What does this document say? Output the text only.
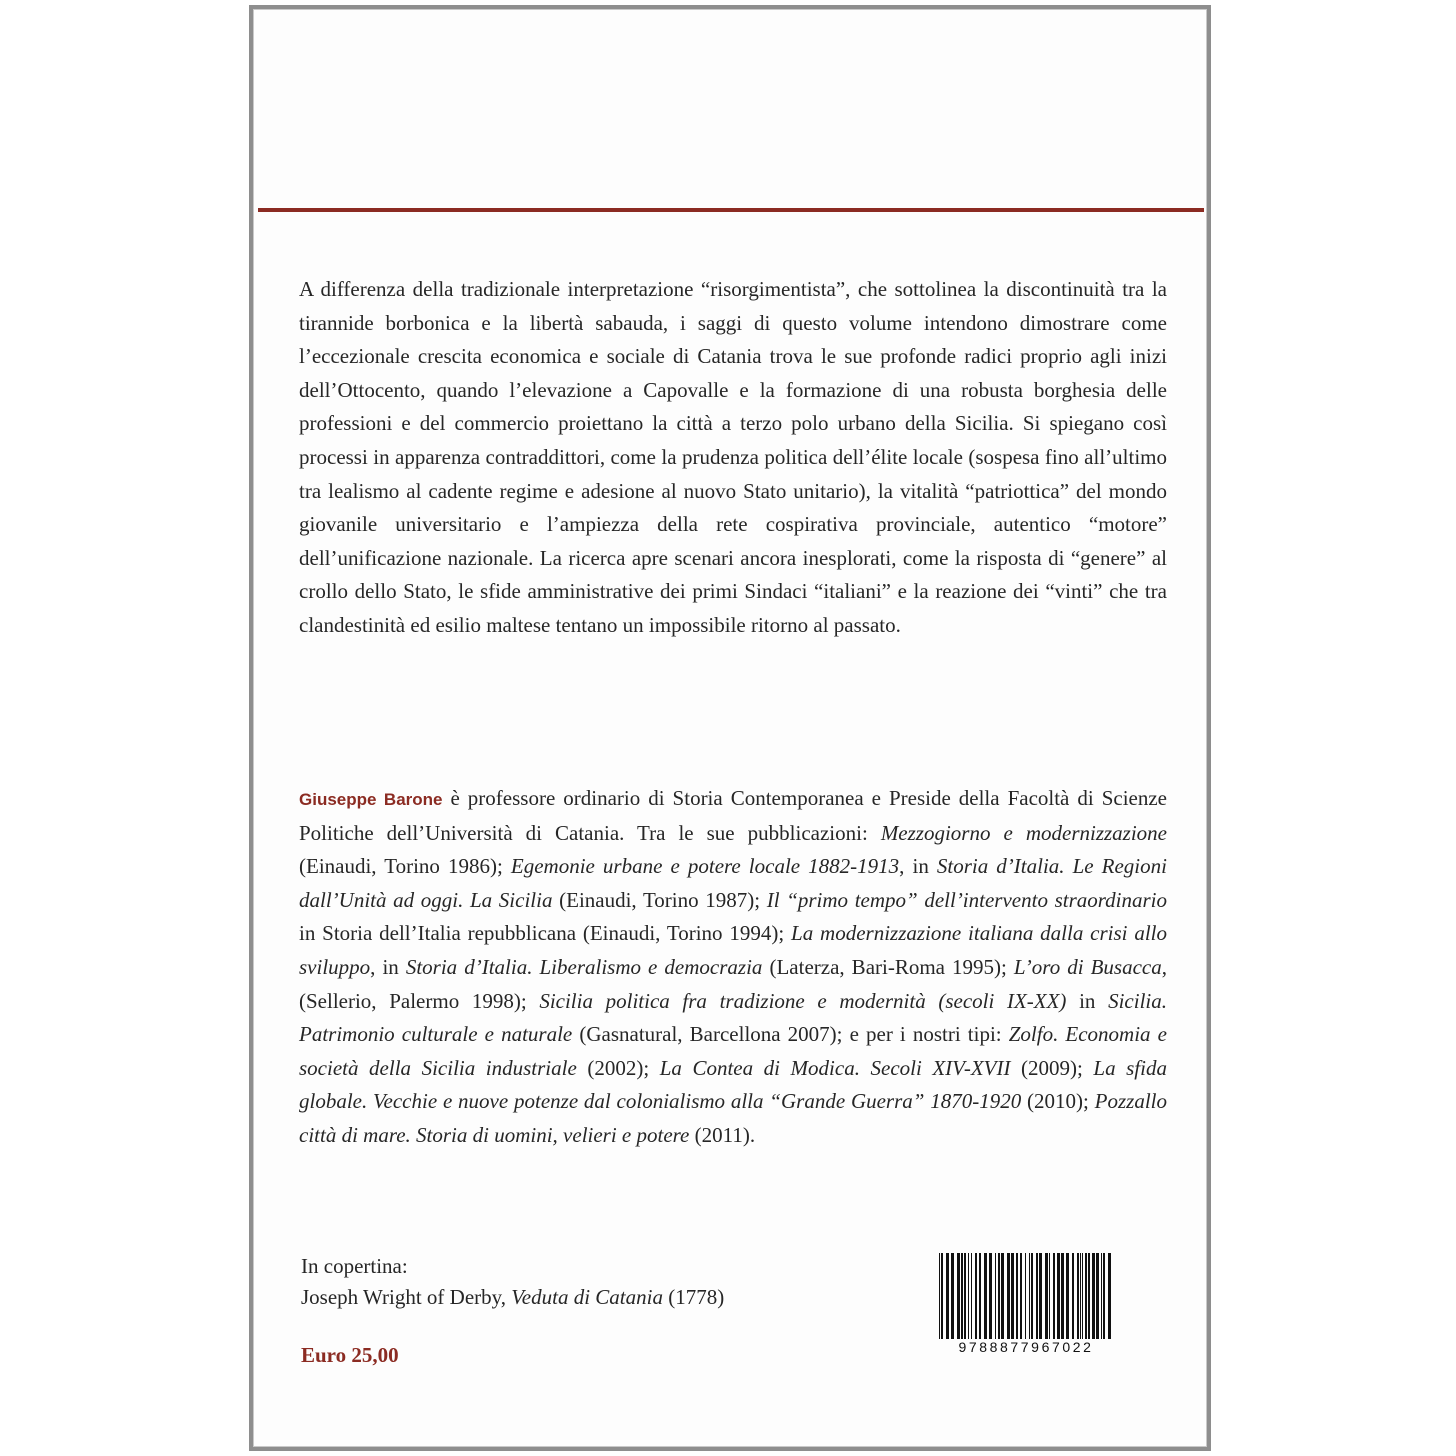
A differenza della tradizionale interpretazione “risorgimentista”, che sottolinea la discontinuità tra la tirannide borbonica e la libertà sabauda, i saggi di questo volume intendono dimostrare come l’eccezionale crescita economica e sociale di Catania trova le sue profonde radici proprio agli inizi dell’Ottocento, quando l’elevazione a Capovalle e la formazione di una robusta borghesia delle professioni e del commercio proiettano la città a terzo polo urbano della Sicilia. Si spiegano così processi in apparenza contraddittori, come la prudenza politica dell’élite locale (sospesa fino all’ultimo tra lealismo al cadente regime e adesione al nuovo Stato unitario), la vitalità “patriottica” del mondo giovanile universitario e l’ampiezza della rete cospirativa provinciale, autentico “motore” dell’unificazione nazionale. La ricerca apre scenari ancora inesplorati, come la risposta di “genere” al crollo dello Stato, le sfide amministrative dei primi Sindaci “italiani” e la reazione dei “vinti” che tra clandestinità ed esilio maltese tentano un impossibile ritorno al passato.

Giuseppe Barone è professore ordinario di Storia Contemporanea e Preside della Facoltà di Scienze Politiche dell’Università di Catania. Tra le sue pubblicazioni: Mezzogiorno e modernizzazione (Einaudi, Torino 1986); Egemonie urbane e potere locale 1882-1913, in Storia d’Italia. Le Regioni dall’Unità ad oggi. La Sicilia (Einaudi, Torino 1987); Il “primo tempo” dell’intervento straordinario in Storia dell’Italia repubblicana (Einaudi, Torino 1994); La modernizzazione italiana dalla crisi allo sviluppo, in Storia d’Italia. Liberalismo e democrazia (Laterza, Bari-Roma 1995); L’oro di Busacca, (Sellerio, Palermo 1998); Sicilia politica fra tradizione e modernità (secoli IX-XX) in Sicilia. Patrimonio culturale e naturale (Gasnatural, Barcellona 2007); e per i nostri tipi: Zolfo. Economia e società della Sicilia industriale (2002); La Contea di Modica. Secoli XIV-XVII (2009); La sfida globale. Vecchie e nuove potenze dal colonialismo alla “Grande Guerra” 1870-1920 (2010); Pozzallo città di mare. Storia di uomini, velieri e potere (2011).

In copertina:
Joseph Wright of Derby, Veduta di Catania (1778)
Euro 25,00	9788877967022
